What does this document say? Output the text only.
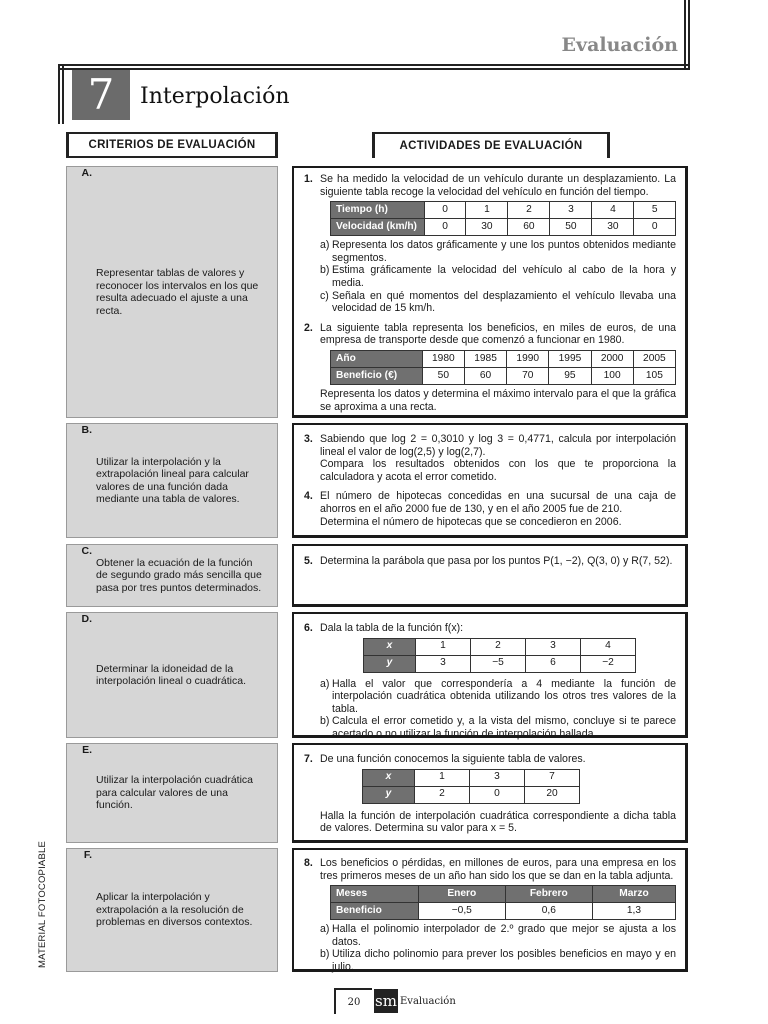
Evaluación
7	Interpolación
CRITERIOS DE EVALUACIÓN	ACTIVIDADES DE EVALUACIÓN
A.
Representar tablas de valores y reconocer los intervalos en los que resulta adecuado el ajuste a una recta.
B.
Utilizar la interpolación y la extrapolación lineal para calcular valores de una función dada mediante una tabla de valores.
C.
Obtener la ecuación de la función de segundo grado más sencilla que pasa por tres puntos determinados.
D.
Determinar la idoneidad de la interpolación lineal o cuadrática.
E.
Utilizar la interpolación cuadrática para calcular valores de una función.
F.
Aplicar la interpolación y extrapolación a la resolución de problemas en diversos contextos.
1. Se ha medido la velocidad de un vehículo durante un desplazamiento. La siguiente tabla recoge la velocidad del vehículo en función del tiempo.
Tiempo (h)	0	1	2	3	4	5
Velocidad (km/h)	0	30	60	50	30	0
a) Representa los datos gráficamente y une los puntos obtenidos mediante segmentos.
b) Estima gráficamente la velocidad del vehículo al cabo de la hora y media.
c) Señala en qué momentos del desplazamiento el vehículo llevaba una velocidad de 15 km/h.
2. La siguiente tabla representa los beneficios, en miles de euros, de una empresa de transporte desde que comenzó a funcionar en 1980.
Año	1980	1985	1990	1995	2000	2005
Beneficio (€)	50	60	70	95	100	105
Representa los datos y determina el máximo intervalo para el que la gráfica se aproxima a una recta.
3. Sabiendo que log 2 = 0,3010 y log 3 = 0,4771, calcula por interpolación lineal el valor de log(2,5) y log(2,7).
Compara los resultados obtenidos con los que te proporciona la calculadora y acota el error cometido.
4. El número de hipotecas concedidas en una sucursal de una caja de ahorros en el año 2000 fue de 130, y en el año 2005 fue de 210.
Determina el número de hipotecas que se concedieron en 2006.
5. Determina la parábola que pasa por los puntos P(1, −2), Q(3, 0) y R(7, 52).
6. Dala la tabla de la función f(x):
x	1	2	3	4
y	3	−5	6	−2
a) Halla el valor que correspondería a 4 mediante la función de interpolación cuadrática obtenida utilizando los otros tres valores de la tabla.
b) Calcula el error cometido y, a la vista del mismo, concluye si te parece acertado o no utilizar la función de interpolación hallada.
7. De una función conocemos la siguiente tabla de valores.
x	1	3	7
y	2	0	20
Halla la función de interpolación cuadrática correspondiente a dicha tabla de valores. Determina su valor para x = 5.
8. Los beneficios o pérdidas, en millones de euros, para una empresa en los tres primeros meses de un año han sido los que se dan en la tabla adjunta.
Meses	Enero	Febrero	Marzo
Beneficio	−0,5	0,6	1,3
a) Halla el polinomio interpolador de 2.º grado que mejor se ajusta a los datos.
b) Utiliza dicho polinomio para prever los posibles beneficios en mayo y en julio.
MATERIAL FOTOCOPIABLE
20 sm Evaluación
